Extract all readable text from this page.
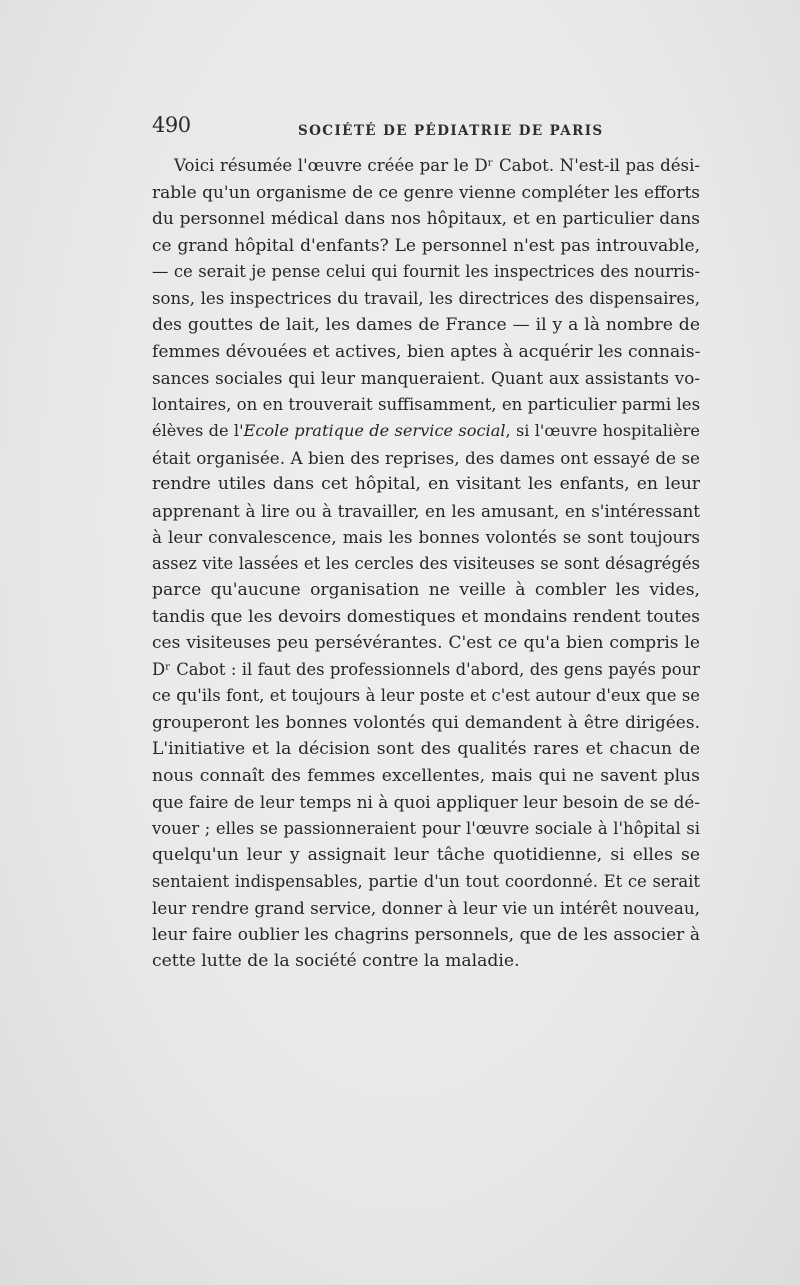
490	SOCIÉTÉ DE PÉDIATRIE DE PARIS
Voici résumée l'œuvre créée par le Dʳ Cabot. N'est-il pas dési-
rable qu'un organisme de ce genre vienne compléter les efforts
du personnel médical dans nos hôpitaux, et en particulier dans
ce grand hôpital d'enfants? Le personnel n'est pas introuvable,
— ce serait je pense celui qui fournit les inspectrices des nourris-
sons, les inspectrices du travail, les directrices des dispensaires,
des gouttes de lait, les dames de France — il y a là nombre de
femmes dévouées et actives, bien aptes à acquérir les connais-
sances sociales qui leur manqueraient. Quant aux assistants vo-
lontaires, on en trouverait suffisamment, en particulier parmi les
élèves de l'Ecole pratique de service social, si l'œuvre hospitalière
était organisée. A bien des reprises, des dames ont essayé de se
rendre utiles dans cet hôpital, en visitant les enfants, en leur
apprenant à lire ou à travailler, en les amusant, en s'intéressant
à leur convalescence, mais les bonnes volontés se sont toujours
assez vite lassées et les cercles des visiteuses se sont désagrégés
parce qu'aucune organisation ne veille à combler les vides,
tandis que les devoirs domestiques et mondains rendent toutes
ces visiteuses peu persévérantes. C'est ce qu'a bien compris le
Dʳ Cabot : il faut des professionnels d'abord, des gens payés pour
ce qu'ils font, et toujours à leur poste et c'est autour d'eux que se
grouperont les bonnes volontés qui demandent à être dirigées.
L'initiative et la décision sont des qualités rares et chacun de
nous connaît des femmes excellentes, mais qui ne savent plus
que faire de leur temps ni à quoi appliquer leur besoin de se dé-
vouer ; elles se passionneraient pour l'œuvre sociale à l'hôpital si
quelqu'un leur y assignait leur tâche quotidienne, si elles se
sentaient indispensables, partie d'un tout coordonné. Et ce serait
leur rendre grand service, donner à leur vie un intérêt nouveau,
leur faire oublier les chagrins personnels, que de les associer à
cette lutte de la société contre la maladie.
